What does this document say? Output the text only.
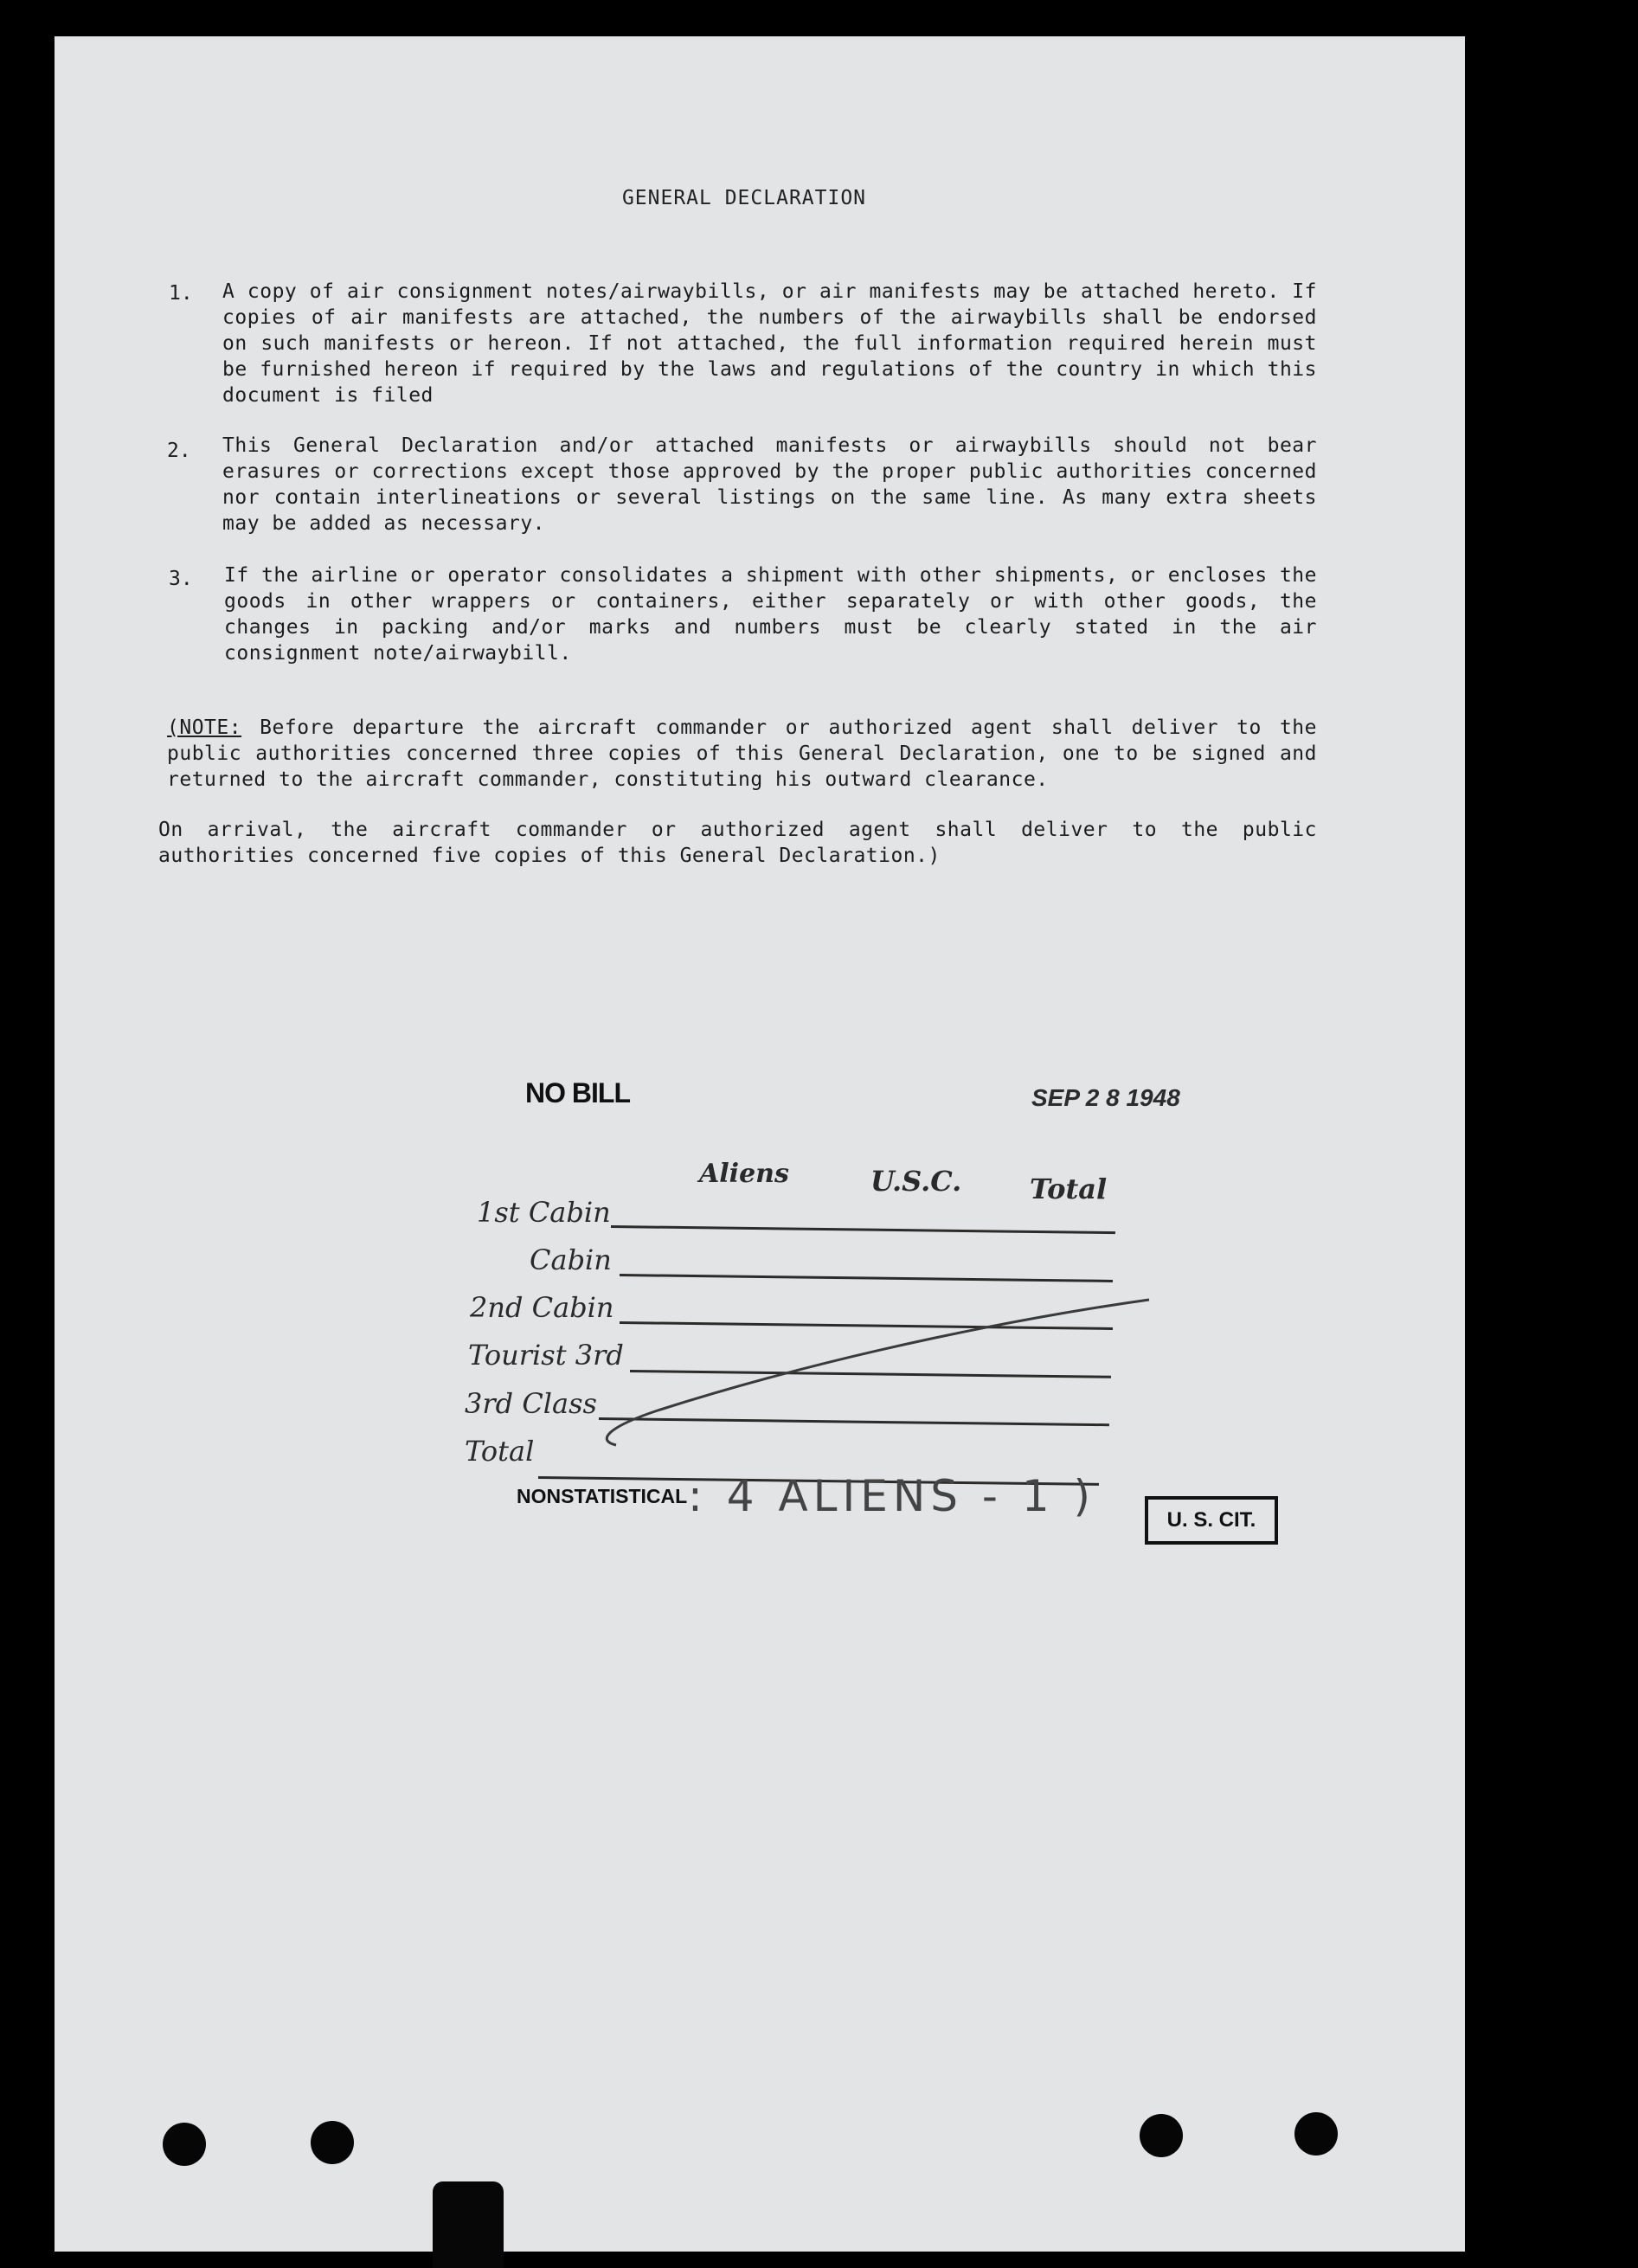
GENERAL DECLARATION
1. A copy of air consignment notes/airwaybills, or air manifests may be attached hereto. If copies of air manifests are attached, the numbers of the airwaybills shall be endorsed on such manifests or hereon. If not attached, the full information required herein must be furnished hereon if required by the laws and regulations of the country in which this document is filed
2. This General Declaration and/or attached manifests or airwaybills should not bear erasures or corrections except those approved by the proper public authorities concerned nor contain interlineations or several listings on the same line. As many extra sheets may be added as necessary.
3. If the airline or operator consolidates a shipment with other shipments, or encloses the goods in other wrappers or containers, either separately or with other goods, the changes in packing and/or marks and numbers must be clearly stated in the air consignment note/airwaybill.
(NOTE: Before departure the aircraft commander or authorized agent shall deliver to the public authorities concerned three copies of this General Declaration, one to be signed and returned to the aircraft commander, constituting his outward clearance.
On arrival, the aircraft commander or authorized agent shall deliver to the public authorities concerned five copies of this General Declaration.)
NO BILL	SEP 2 8 1948
Aliens	U.S.C. Total
1st Cabin
Cabin
2nd Cabin
Tourist 3rd
3rd Class
Total
NONSTATISTICAL : 4 ALIENS - 1 )	U. S. CIT.
